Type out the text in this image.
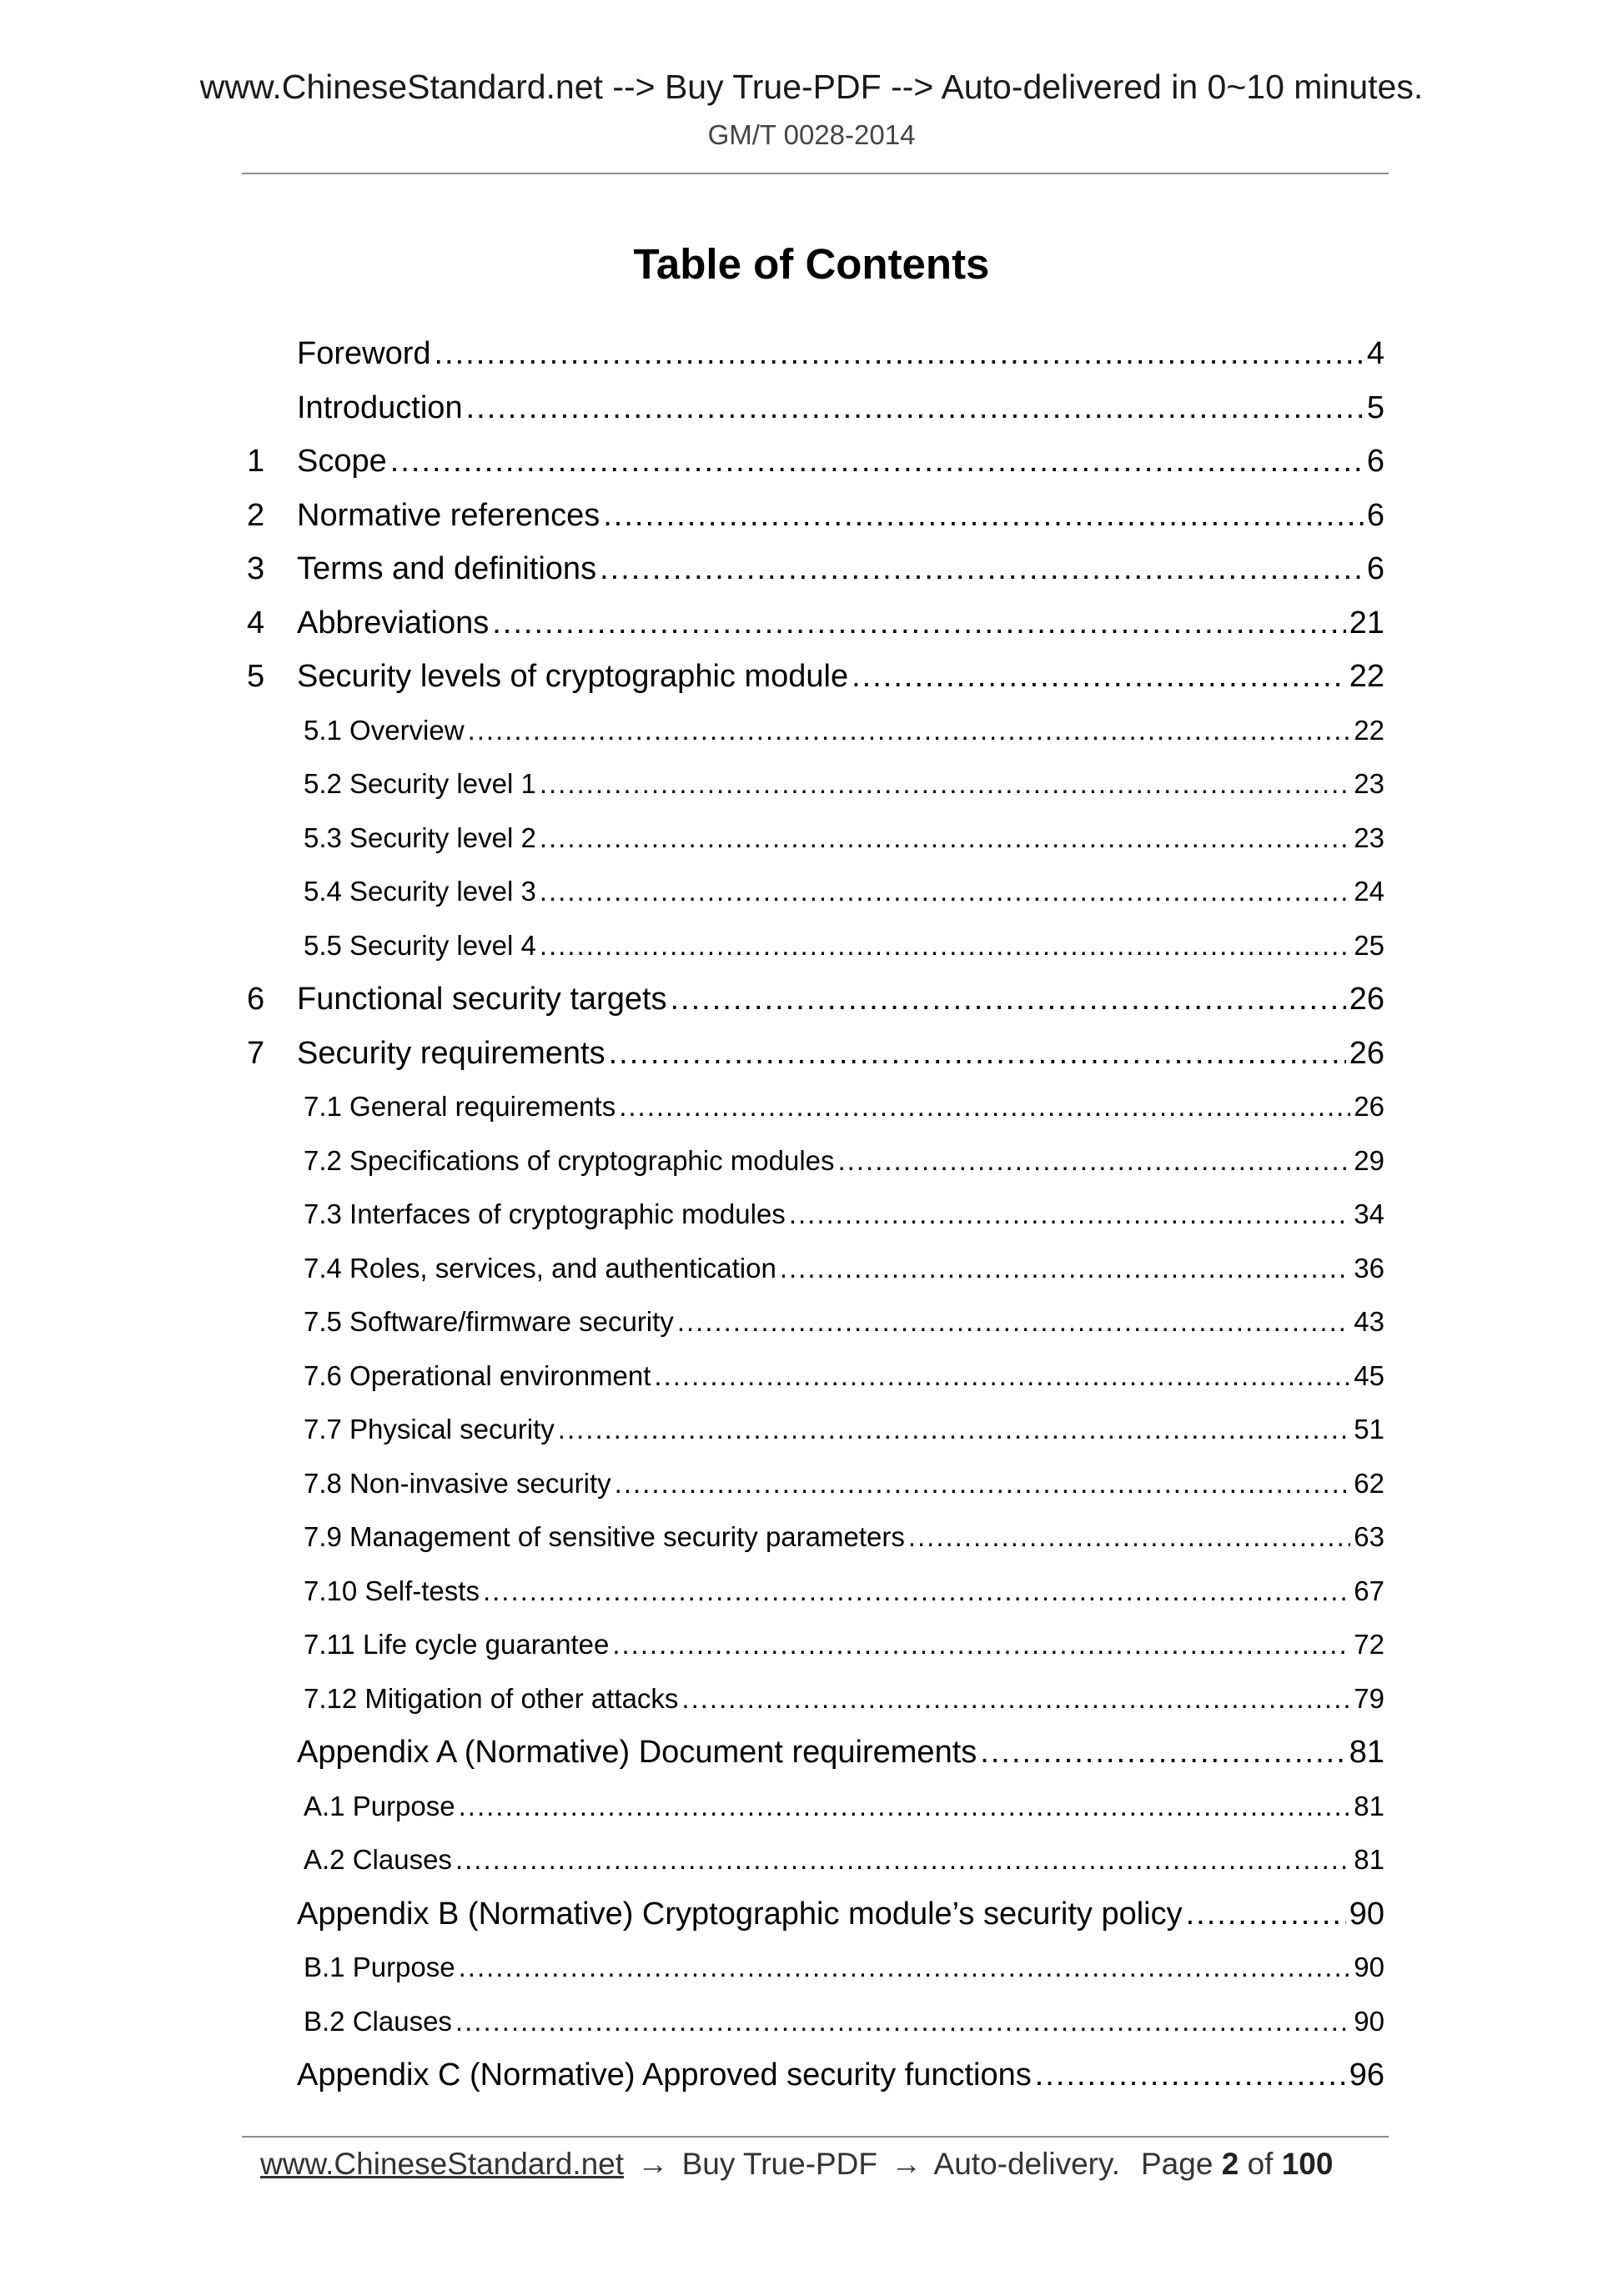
www.ChineseStandard.net --> Buy True-PDF --> Auto-delivered in 0~10 minutes.
GM/T 0028-2014
Table of Contents
Foreword .....	4
Introduction .....	5
1	Scope .....	6
2	Normative references .....	6
3	Terms and definitions .....	6
4	Abbreviations .....	21
5	Security levels of cryptographic module .....	22
5.1 Overview .....	22
5.2 Security level 1 .....	23
5.3 Security level 2 .....	23
5.4 Security level 3 .....	24
5.5 Security level 4 .....	25
6	Functional security targets .....	26
7	Security requirements .....	26
7.1 General requirements .....	26
7.2 Specifications of cryptographic modules .....	29
7.3 Interfaces of cryptographic modules .....	34
7.4 Roles, services, and authentication .....	36
7.5 Software/firmware security .....	43
7.6 Operational environment .....	45
7.7 Physical security .....	51
7.8 Non-invasive security .....	62
7.9 Management of sensitive security parameters .....	63
7.10 Self-tests .....	67
7.11 Life cycle guarantee .....	72
7.12 Mitigation of other attacks .....	79
Appendix A (Normative) Document requirements .....	81
A.1 Purpose .....	81
A.2 Clauses .....	81
Appendix B (Normative) Cryptographic module’s security policy .....	90
B.1 Purpose .....	90
B.2 Clauses .....	90
Appendix C (Normative) Approved security functions .....	96
www.ChineseStandard.net → Buy True-PDF → Auto-delivery. Page 2 of 100
